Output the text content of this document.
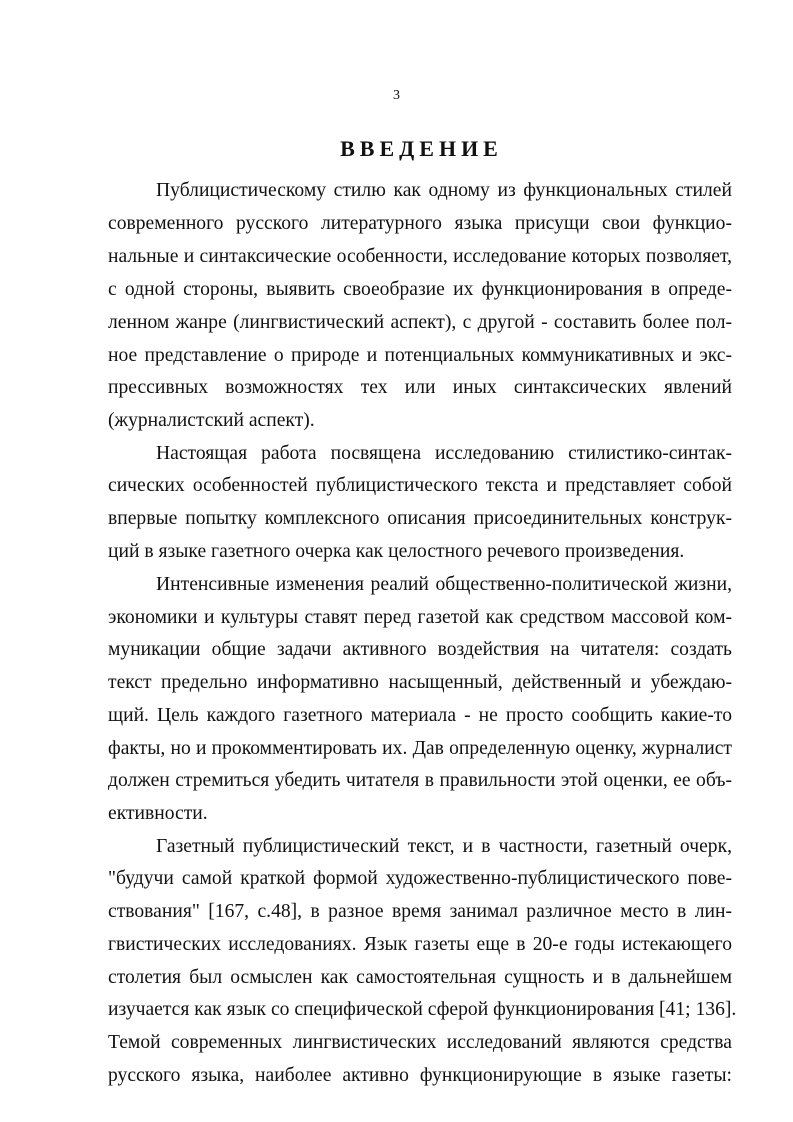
3
ВВЕДЕНИЕ
Публицистическому стилю как одному из функциональных стилей
современного русского литературного языка присущи свои функцио-
нальные и синтаксические особенности, исследование которых позволяет,
с одной стороны, выявить своеобразие их функционирования в опреде-
ленном жанре (лингвистический аспект), с другой - составить более пол-
ное представление о природе и потенциальных коммуникативных и экс-
прессивных возможностях тех или иных синтаксических явлений
(журналистский аспект).
Настоящая работа посвящена исследованию стилистико-синтак-
сических особенностей публицистического текста и представляет собой
впервые попытку комплексного описания присоединительных конструк-
ций в языке газетного очерка как целостного речевого произведения.
Интенсивные изменения реалий общественно-политической жизни,
экономики и культуры ставят перед газетой как средством массовой ком-
муникации общие задачи активного воздействия на читателя: создать
текст предельно информативно насыщенный, действенный и убеждаю-
щий. Цель каждого газетного материала - не просто сообщить какие-то
факты, но и прокомментировать их. Дав определенную оценку, журналист
должен стремиться убедить читателя в правильности этой оценки, ее объ-
ективности.
Газетный публицистический текст, и в частности, газетный очерк,
"будучи самой краткой формой художественно-публицистического пове-
ствования" [167, с.48], в разное время занимал различное место в лин-
гвистических исследованиях. Язык газеты еще в 20-е годы истекающего
столетия был осмыслен как самостоятельная сущность и в дальнейшем
изучается как язык со специфической сферой функционирования [41; 136].
Темой современных лингвистических исследований являются средства
русского языка, наиболее активно функционирующие в языке газеты:
